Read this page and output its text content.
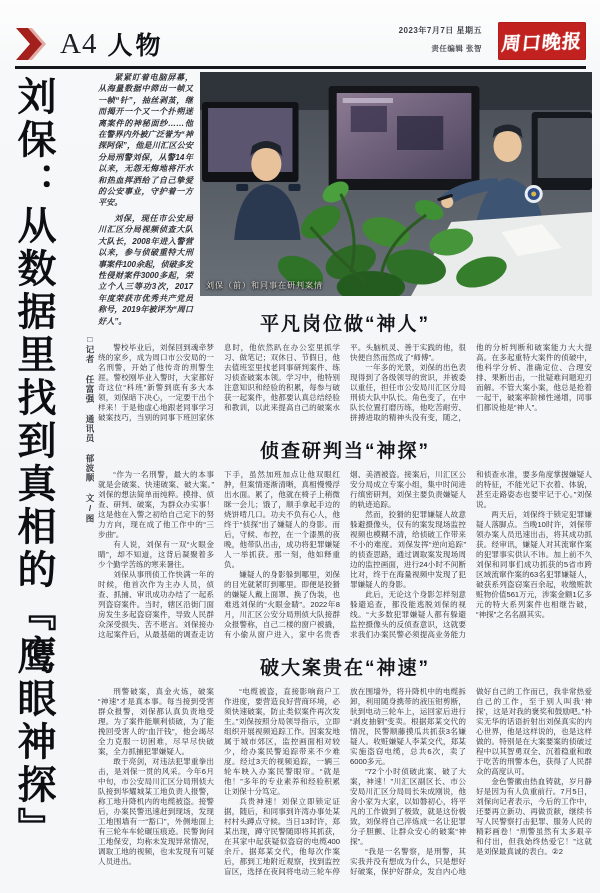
A4 人物
2023年7月7日 星期五
责任编辑 张智 周口晚报
刘保：从数据里找到真相的『鹰眼神探』	□记者 任富强 通讯员 郁波顺 文/图

紧紧盯着电脑屏幕，从海量数据中筛出一帧又一帧“针”，抽丝剥茧，继而揭开一个又一个扑朔迷离案件的神秘面纱……他在警界内外被广泛誉为“神探阿保”，他是川汇区公安分局刑警刘保，从警14年以来，无怨无悔地将汗水和热血挥洒给了自己挚爱的公安事业，守护着一方平安。

刘保，现任市公安局川汇区分局视频侦查大队大队长，2008年进入警营以来，参与侦破重特大刑事案件100余起，侦破多发性侵财案件3000多起，荣立个人三等功3次，2017年度荣获市优秀共产党员称号，2019年被评为“周口好人”。

刘保（前）和同事在研判案情
平凡岗位做“神人”

警校毕业后，刘保回到魂牵梦绕的家乡，成为周口市公安局的一名刑警，开始了他传奇的刑警生涯。警校刚毕业入警时，大家都好奇这位“科班”新警到底有多大本领，刘保暗下决心，一定要干出个样来！于是他虚心地跟老同事学习破案技巧，当别的同事下班回家休息时，他依然趴在办公室里抓学习、做笔记；双休日、节假日，他去值班室里找老同事研判案件、练习侦查破案本领。学习中，他特别注意知识和经验的积累，每参与破获一起案件，他都要认真总结经验和教训，以此来提高自己的破案水平。头脑机灵、善于实践的他，很快便自然而然成了“师傅”。

一年多的光景，刘保的出色表现得到了各级领导的赏识，并被委以重任，担任市公安局川汇区分局刑侦大队中队长。角色变了，在中队长位置打磨历练，他吃苦耐劳、拼搏进取的精神头没有变，随之，他的分析判断和破案能力大大提高。在多起重特大案件的侦破中，他科学分析、准确定位、合理安排、果断出击，一批疑难问题迎刃而解。不管大案小案，他总是抢着一起干，破案率阶梯性递增，同事们都说他是“神人”。

侦查研判当“神探”

“作为一名刑警，最大的本事就是会破案、快速破案、破大案。”刘保的想法简单而纯粹。摸排、侦查、研判、破案，为群众办实事！这是他在入警之初给自己定下的努力方向，现在成了他工作中的“三步曲”。

有人说，刘保有一双“火眼金睛”，却不知道，这背后凝聚着多少个勤学苦练的寒来暑往。

刘保从事刑侦工作快满一年的时候，他首次作为主办人员，侦查、抓捕、审讯成功办结了一起系列盗窃案件。当时，辖区沿街门面房发生多起盗窃案件，导致人民群众深受损失、苦不堪言。刘保接办这起案件后，从最基础的调查走访下手，虽然加班加点让他双眼红肿，但案情逐渐清晰，真相慢慢浮出水面。累了，他就在椅子上稍微眯一会儿；饿了，顺手拿起手边的烧饼啃几口。功夫不负有心人，他终于“侦探”出了嫌疑人的身影。而后，守候、布控，在一个漆黑的夜晚，他带队出击，成功将犯罪嫌疑人一举抓获。那一刻，他如释重负。

嫌疑人的身影躲到哪里，刘保的目光就紧盯到哪里。即便是狡猾的嫌疑人戴上面罩、换了伪装，也难逃刘保的“火眼金睛”。2022年8月，川汇区公安分局刑侦大队接群众报警称，自己二楼的窗户被撬，有小偷从窗户进入，家中名贵香烟、美酒被盗。接案后，川汇区公安分局成立专案小组，集中时间进行缜密研判，刘保主要负责嫌疑人的轨迹追踪。

然而，狡猾的犯罪嫌疑人故意躲避摄像头，仅有的案发现场监控视频也模糊不清，给侦破工作带来不小的难度。刘保发挥“逆向追踪”的侦查思路，通过调取案发现场周边的监控画面，进行24小时不间断比对，终于在海量视频中发现了犯罪嫌疑人的身影。

此后，无论这个身影怎样刻意躲避追查，都没能逃脱刘保的视线。“大多数犯罪嫌疑人都有躲避监控摄像头的反侦查意识，这就要求我们办案民警必须提高业务能力和侦查水准，要多角度掌握嫌疑人的特征，不能光记下衣着、体貌，甚至走路姿态也要牢记于心。”刘保说。

两天后，刘保终于锁定犯罪嫌疑人落脚点。当晚10时许，刘保带领办案人员迅速出击，将其成功抓获。经审讯，嫌疑人对其流窜作案的犯罪事实供认不讳。加上前不久刘保和同事们成功抓获的5省市跨区域流窜作案的63名犯罪嫌疑人，破获系列盗窃案百余起，收缴赃款赃物价值561万元，涉案金额1亿多元的特大系列案件也相继告破，“神探”之名名副其实。

破大案贵在“神速”

刑警破案，真金火炼，破案“神速”才是真本事。每当接到受害群众报警，刘保都认真负责地受理。为了案件能顺利侦破，为了能挽回受害人的“血汗钱”，他会竭尽全力克服一切困难，尽早尽快破案，全力抓捕犯罪嫌疑人。

敢于亮剑，对违法犯罪重拳出击，是刘保一贯的风采。今年6月中旬，市公安局川汇区分局刑侦大队接到华耀城某工地负责人报警，称工地升降机内的电缆被盗。接警后，办案民警迅速赶到现场，发现工地围墙有一“豁口”，外侧地面上有三轮车车轮碾压痕迹。民警询问工地保安，均称未发现异常情况，调取工地的视频，也未发现有可疑人员进出。

“电缆被盗，直接影响商户工作进度，要营造良好营商环境，必须快速破案，防止类似案件再次发生。”刘保按照分局领导指示，立即组织开展视频追踪工作。因案发地属于城市郊区，监控画面相对较少，给办案民警追踪带来不少难度。经过3天的视频追踪，一辆三轮车映入办案民警眼帘。“就是他！”多年的专业素养和经验积累让刘保十分笃定。

兵贵神速！刘保立即锁定证据，随后，和同事到许湾办事处某村村头蹲点守候。当日13时许，郑某出现，蹲守民警随即将其抓获，在其家中起获疑似盗窃的电缆400余斤。据郑某交代，他每次作案后，都到工地附近观察，找到监控盲区，选择在夜间将电动三轮车停放在围墙外，将升降机中的电缆拆卸，利用随身携带的液压钳剪断，驮到电动三轮车上，运回家后进行“剥皮抽铜”变卖。根据郑某交代的情况，民警顺藤摸瓜共抓获3名嫌疑人。收赃嫌疑人李某交代，郑某实施盗窃电缆，总共6次，卖了6000多元。

“72个小时侦破此案、破了大案，神速！”川汇区副区长、市公安局川汇区分局局长朱成刚说，他舍小家为大家，以如磐初心，将平凡的工作做到了极致，就是这份极致，刘保将自己淬炼成一名让犯罪分子胆颤、让群众安心的破案“神探”。

“我是一名警察，是刑警，其实我并没有想成为什么，只是想好好破案，保护好群众，发自内心地做好自己的工作而已，我非常热爱自己的工作，至于别人叫我‘神探’，这是对我的褒奖和鼓励吧。”朴实无华的话语折射出刘保真实的内心世界，他是这样说的，也是这样做的。特别是在大案要案的侦破过程中以其智勇双全、沉着稳重和敢于吃苦的刑警本色，获得了人民群众的高度认可。

金色警徽由热血铸就，岁月静好是因为有人负重前行。7月5日，刘保向记者表示，今后的工作中，还要再立新功、再做贡献，继续书写人民警察打击犯罪、服务人民的精彩画卷！“刑警虽然有太多艰辛和付出，但我始终热爱它！”这就是刘保最真诚的表白。②2
